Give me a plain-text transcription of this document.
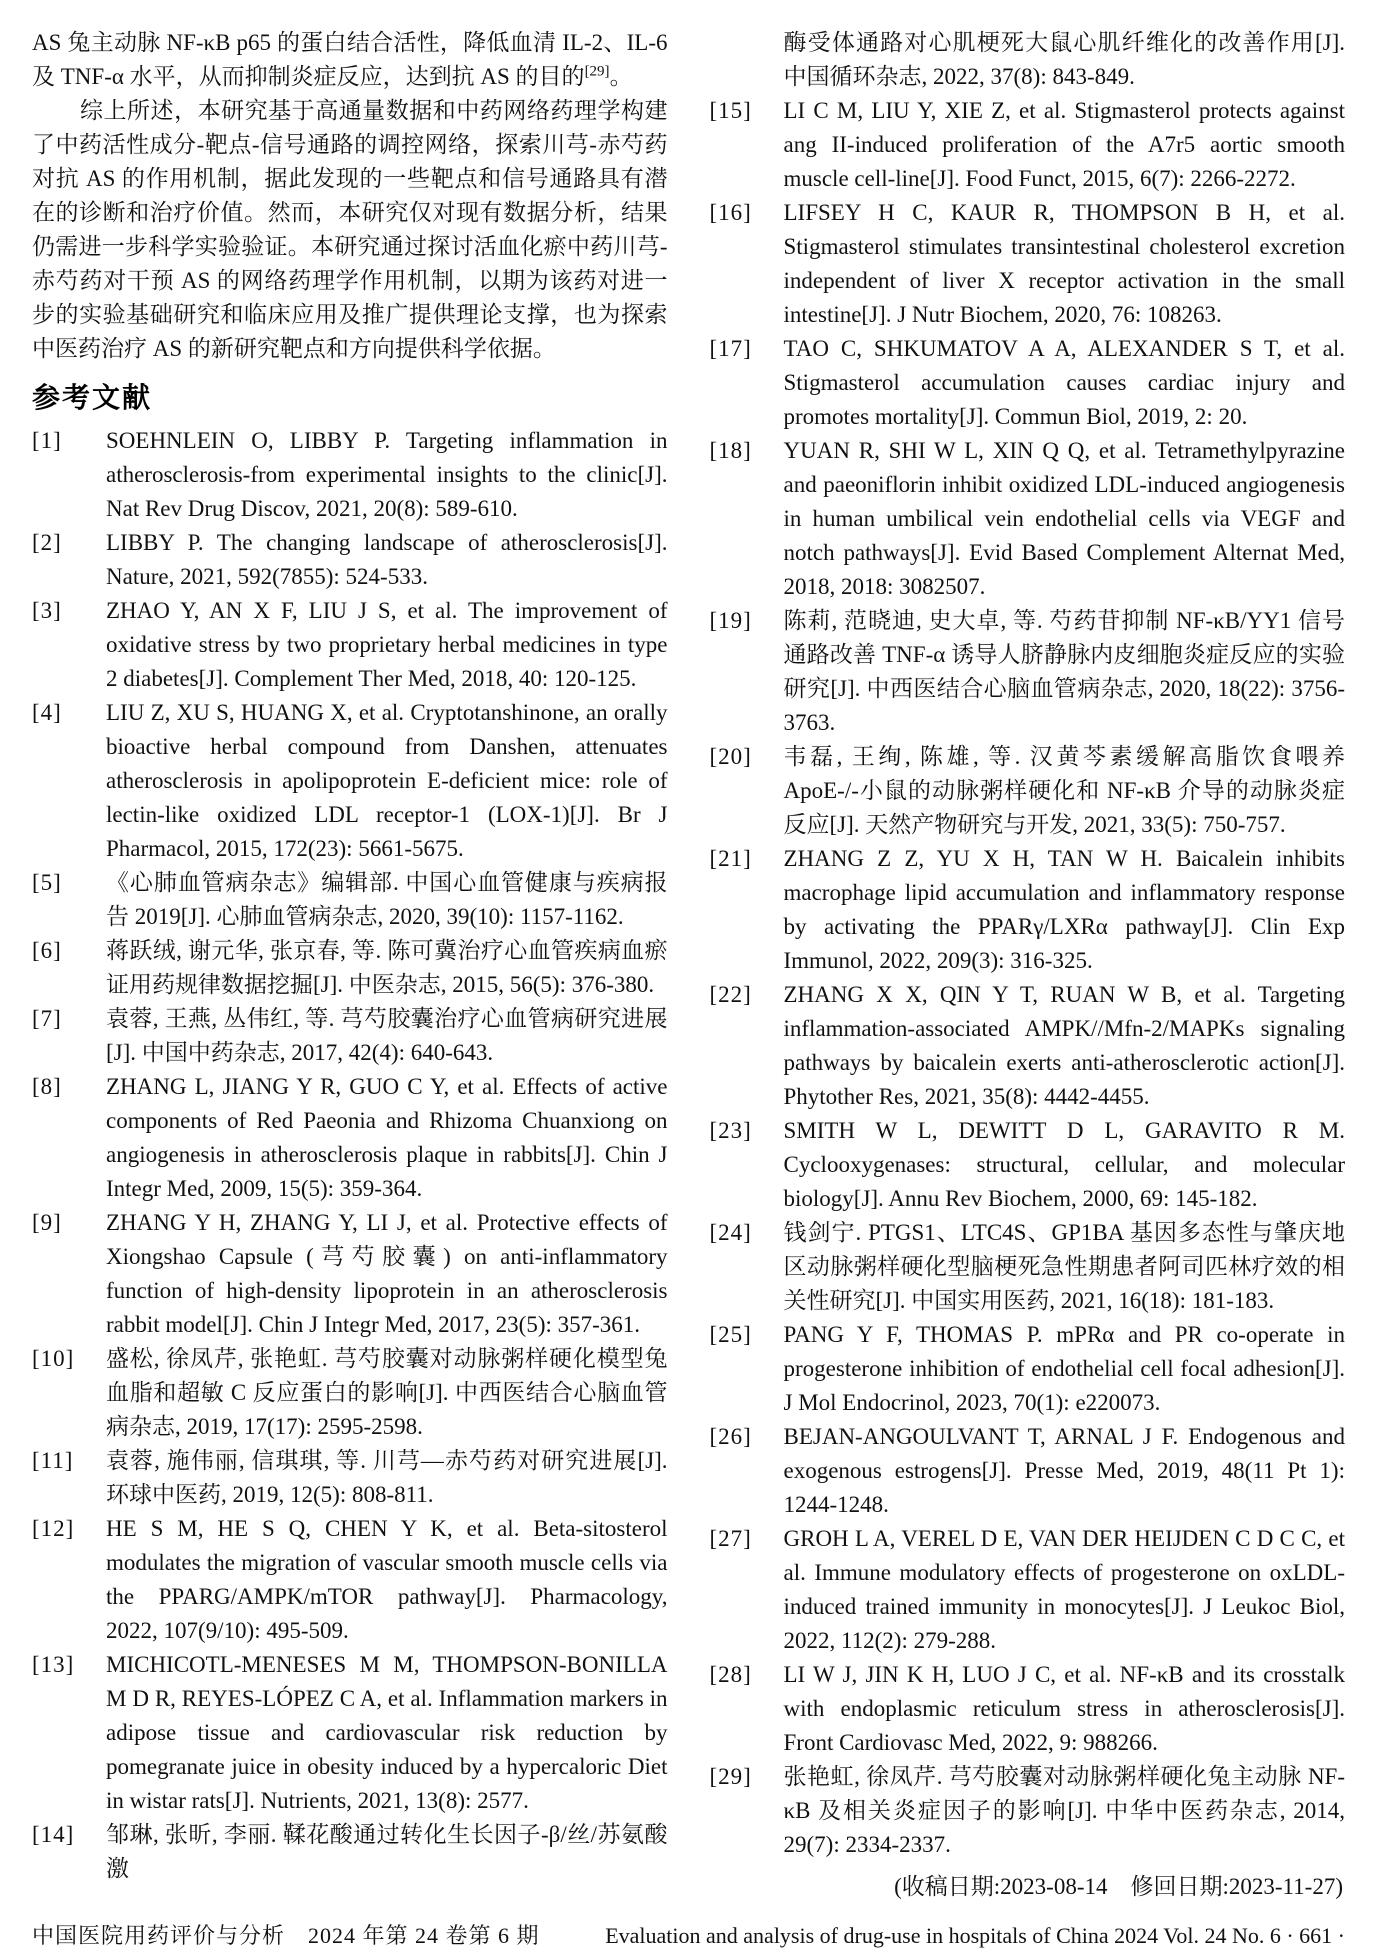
AS 兔主动脉 NF-κB p65 的蛋白结合活性，降低血清 IL-2、IL-6 及 TNF-α 水平，从而抑制炎症反应，达到抗 AS 的目的[29]。

综上所述，本研究基于高通量数据和中药网络药理学构建了中药活性成分-靶点-信号通路的调控网络，探索川芎-赤芍药对抗 AS 的作用机制，据此发现的一些靶点和信号通路具有潜在的诊断和治疗价值。然而，本研究仅对现有数据分析，结果仍需进一步科学实验验证。本研究通过探讨活血化瘀中药川芎-赤芍药对干预 AS 的网络药理学作用机制，以期为该药对进一步的实验基础研究和临床应用及推广提供理论支撑，也为探索中医药治疗 AS 的新研究靶点和方向提供科学依据。

参考文献
[1]	SOEHNLEIN O, LIBBY P. Targeting inflammation in atherosclerosis-from experimental insights to the clinic[J]. Nat Rev Drug Discov, 2021, 20(8): 589-610.
[2]	LIBBY P. The changing landscape of atherosclerosis[J]. Nature, 2021, 592(7855): 524-533.
[3]	ZHAO Y, AN X F, LIU J S, et al. The improvement of oxidative stress by two proprietary herbal medicines in type 2 diabetes[J]. Complement Ther Med, 2018, 40: 120-125.
[4]	LIU Z, XU S, HUANG X, et al. Cryptotanshinone, an orally bioactive herbal compound from Danshen, attenuates atherosclerosis in apolipoprotein E-deficient mice: role of lectin-like oxidized LDL receptor-1 (LOX-1)[J]. Br J Pharmacol, 2015, 172(23): 5661-5675.
[5]	《心肺血管病杂志》编辑部. 中国心血管健康与疾病报告 2019[J]. 心肺血管病杂志, 2020, 39(10): 1157-1162.
[6]	蒋跃绒, 谢元华, 张京春, 等. 陈可冀治疗心血管疾病血瘀证用药规律数据挖掘[J]. 中医杂志, 2015, 56(5): 376-380.
[7]	袁蓉, 王燕, 丛伟红, 等. 芎芍胶囊治疗心血管病研究进展[J]. 中国中药杂志, 2017, 42(4): 640-643.
[8]	ZHANG L, JIANG Y R, GUO C Y, et al. Effects of active components of Red Paeonia and Rhizoma Chuanxiong on angiogenesis in atherosclerosis plaque in rabbits[J]. Chin J Integr Med, 2009, 15(5): 359-364.
[9]	ZHANG Y H, ZHANG Y, LI J, et al. Protective effects of Xiongshao Capsule (芎芍胶囊) on anti-inflammatory function of high-density lipoprotein in an atherosclerosis rabbit model[J]. Chin J Integr Med, 2017, 23(5): 357-361.
[10]	盛松, 徐凤芹, 张艳虹. 芎芍胶囊对动脉粥样硬化模型兔血脂和超敏 C 反应蛋白的影响[J]. 中西医结合心脑血管病杂志, 2019, 17(17): 2595-2598.
[11]	袁蓉, 施伟丽, 信琪琪, 等. 川芎—赤芍药对研究进展[J]. 环球中医药, 2019, 12(5): 808-811.
[12]	HE S M, HE S Q, CHEN Y K, et al. Beta-sitosterol modulates the migration of vascular smooth muscle cells via the PPARG/AMPK/mTOR pathway[J]. Pharmacology, 2022, 107(9/10): 495-509.
[13]	MICHICOTL-MENESES M M, THOMPSON-BONILLA M D R, REYES-LÓPEZ C A, et al. Inflammation markers in adipose tissue and cardiovascular risk reduction by pomegranate juice in obesity induced by a hypercaloric Diet in wistar rats[J]. Nutrients, 2021, 13(8): 2577.
[14]	邹琳, 张昕, 李丽. 鞣花酸通过转化生长因子-β/丝/苏氨酸激
酶受体通路对心肌梗死大鼠心肌纤维化的改善作用[J]. 中国循环杂志, 2022, 37(8): 843-849.
[15]	LI C M, LIU Y, XIE Z, et al. Stigmasterol protects against ang II-induced proliferation of the A7r5 aortic smooth muscle cell-line[J]. Food Funct, 2015, 6(7): 2266-2272.
[16]	LIFSEY H C, KAUR R, THOMPSON B H, et al. Stigmasterol stimulates transintestinal cholesterol excretion independent of liver X receptor activation in the small intestine[J]. J Nutr Biochem, 2020, 76: 108263.
[17]	TAO C, SHKUMATOV A A, ALEXANDER S T, et al. Stigmasterol accumulation causes cardiac injury and promotes mortality[J]. Commun Biol, 2019, 2: 20.
[18]	YUAN R, SHI W L, XIN Q Q, et al. Tetramethylpyrazine and paeoniflorin inhibit oxidized LDL-induced angiogenesis in human umbilical vein endothelial cells via VEGF and notch pathways[J]. Evid Based Complement Alternat Med, 2018, 2018: 3082507.
[19]	陈莉, 范晓迪, 史大卓, 等. 芍药苷抑制 NF-κB/YY1 信号通路改善 TNF-α 诱导人脐静脉内皮细胞炎症反应的实验研究[J]. 中西医结合心脑血管病杂志, 2020, 18(22): 3756-3763.
[20]	韦磊, 王绚, 陈雄, 等. 汉黄芩素缓解高脂饮食喂养 ApoE-/-小鼠的动脉粥样硬化和 NF-κB 介导的动脉炎症反应[J]. 天然产物研究与开发, 2021, 33(5): 750-757.
[21]	ZHANG Z Z, YU X H, TAN W H. Baicalein inhibits macrophage lipid accumulation and inflammatory response by activating the PPARγ/LXRα pathway[J]. Clin Exp Immunol, 2022, 209(3): 316-325.
[22]	ZHANG X X, QIN Y T, RUAN W B, et al. Targeting inflammation-associated AMPK//Mfn-2/MAPKs signaling pathways by baicalein exerts anti-atherosclerotic action[J]. Phytother Res, 2021, 35(8): 4442-4455.
[23]	SMITH W L, DEWITT D L, GARAVITO R M. Cyclooxygenases: structural, cellular, and molecular biology[J]. Annu Rev Biochem, 2000, 69: 145-182.
[24]	钱剑宁. PTGS1、LTC4S、GP1BA 基因多态性与肇庆地区动脉粥样硬化型脑梗死急性期患者阿司匹林疗效的相关性研究[J]. 中国实用医药, 2021, 16(18): 181-183.
[25]	PANG Y F, THOMAS P. mPRα and PR co-operate in progesterone inhibition of endothelial cell focal adhesion[J]. J Mol Endocrinol, 2023, 70(1): e220073.
[26]	BEJAN-ANGOULVANT T, ARNAL J F. Endogenous and exogenous estrogens[J]. Presse Med, 2019, 48(11 Pt 1): 1244-1248.
[27]	GROH L A, VEREL D E, VAN DER HEIJDEN C D C C, et al. Immune modulatory effects of progesterone on oxLDL-induced trained immunity in monocytes[J]. J Leukoc Biol, 2022, 112(2): 279-288.
[28]	LI W J, JIN K H, LUO J C, et al. NF-κB and its crosstalk with endoplasmic reticulum stress in atherosclerosis[J]. Front Cardiovasc Med, 2022, 9: 988266.
[29]	张艳虹, 徐凤芹. 芎芍胶囊对动脉粥样硬化兔主动脉 NF-κB 及相关炎症因子的影响[J]. 中华中医药杂志, 2014, 29(7): 2334-2337.
(收稿日期:2023-08-14　修回日期:2023-11-27)
中国医院用药评价与分析　2024 年第 24 卷第 6 期	Evaluation and analysis of drug-use in hospitals of China 2024 Vol. 24 No. 6 · 661 ·
